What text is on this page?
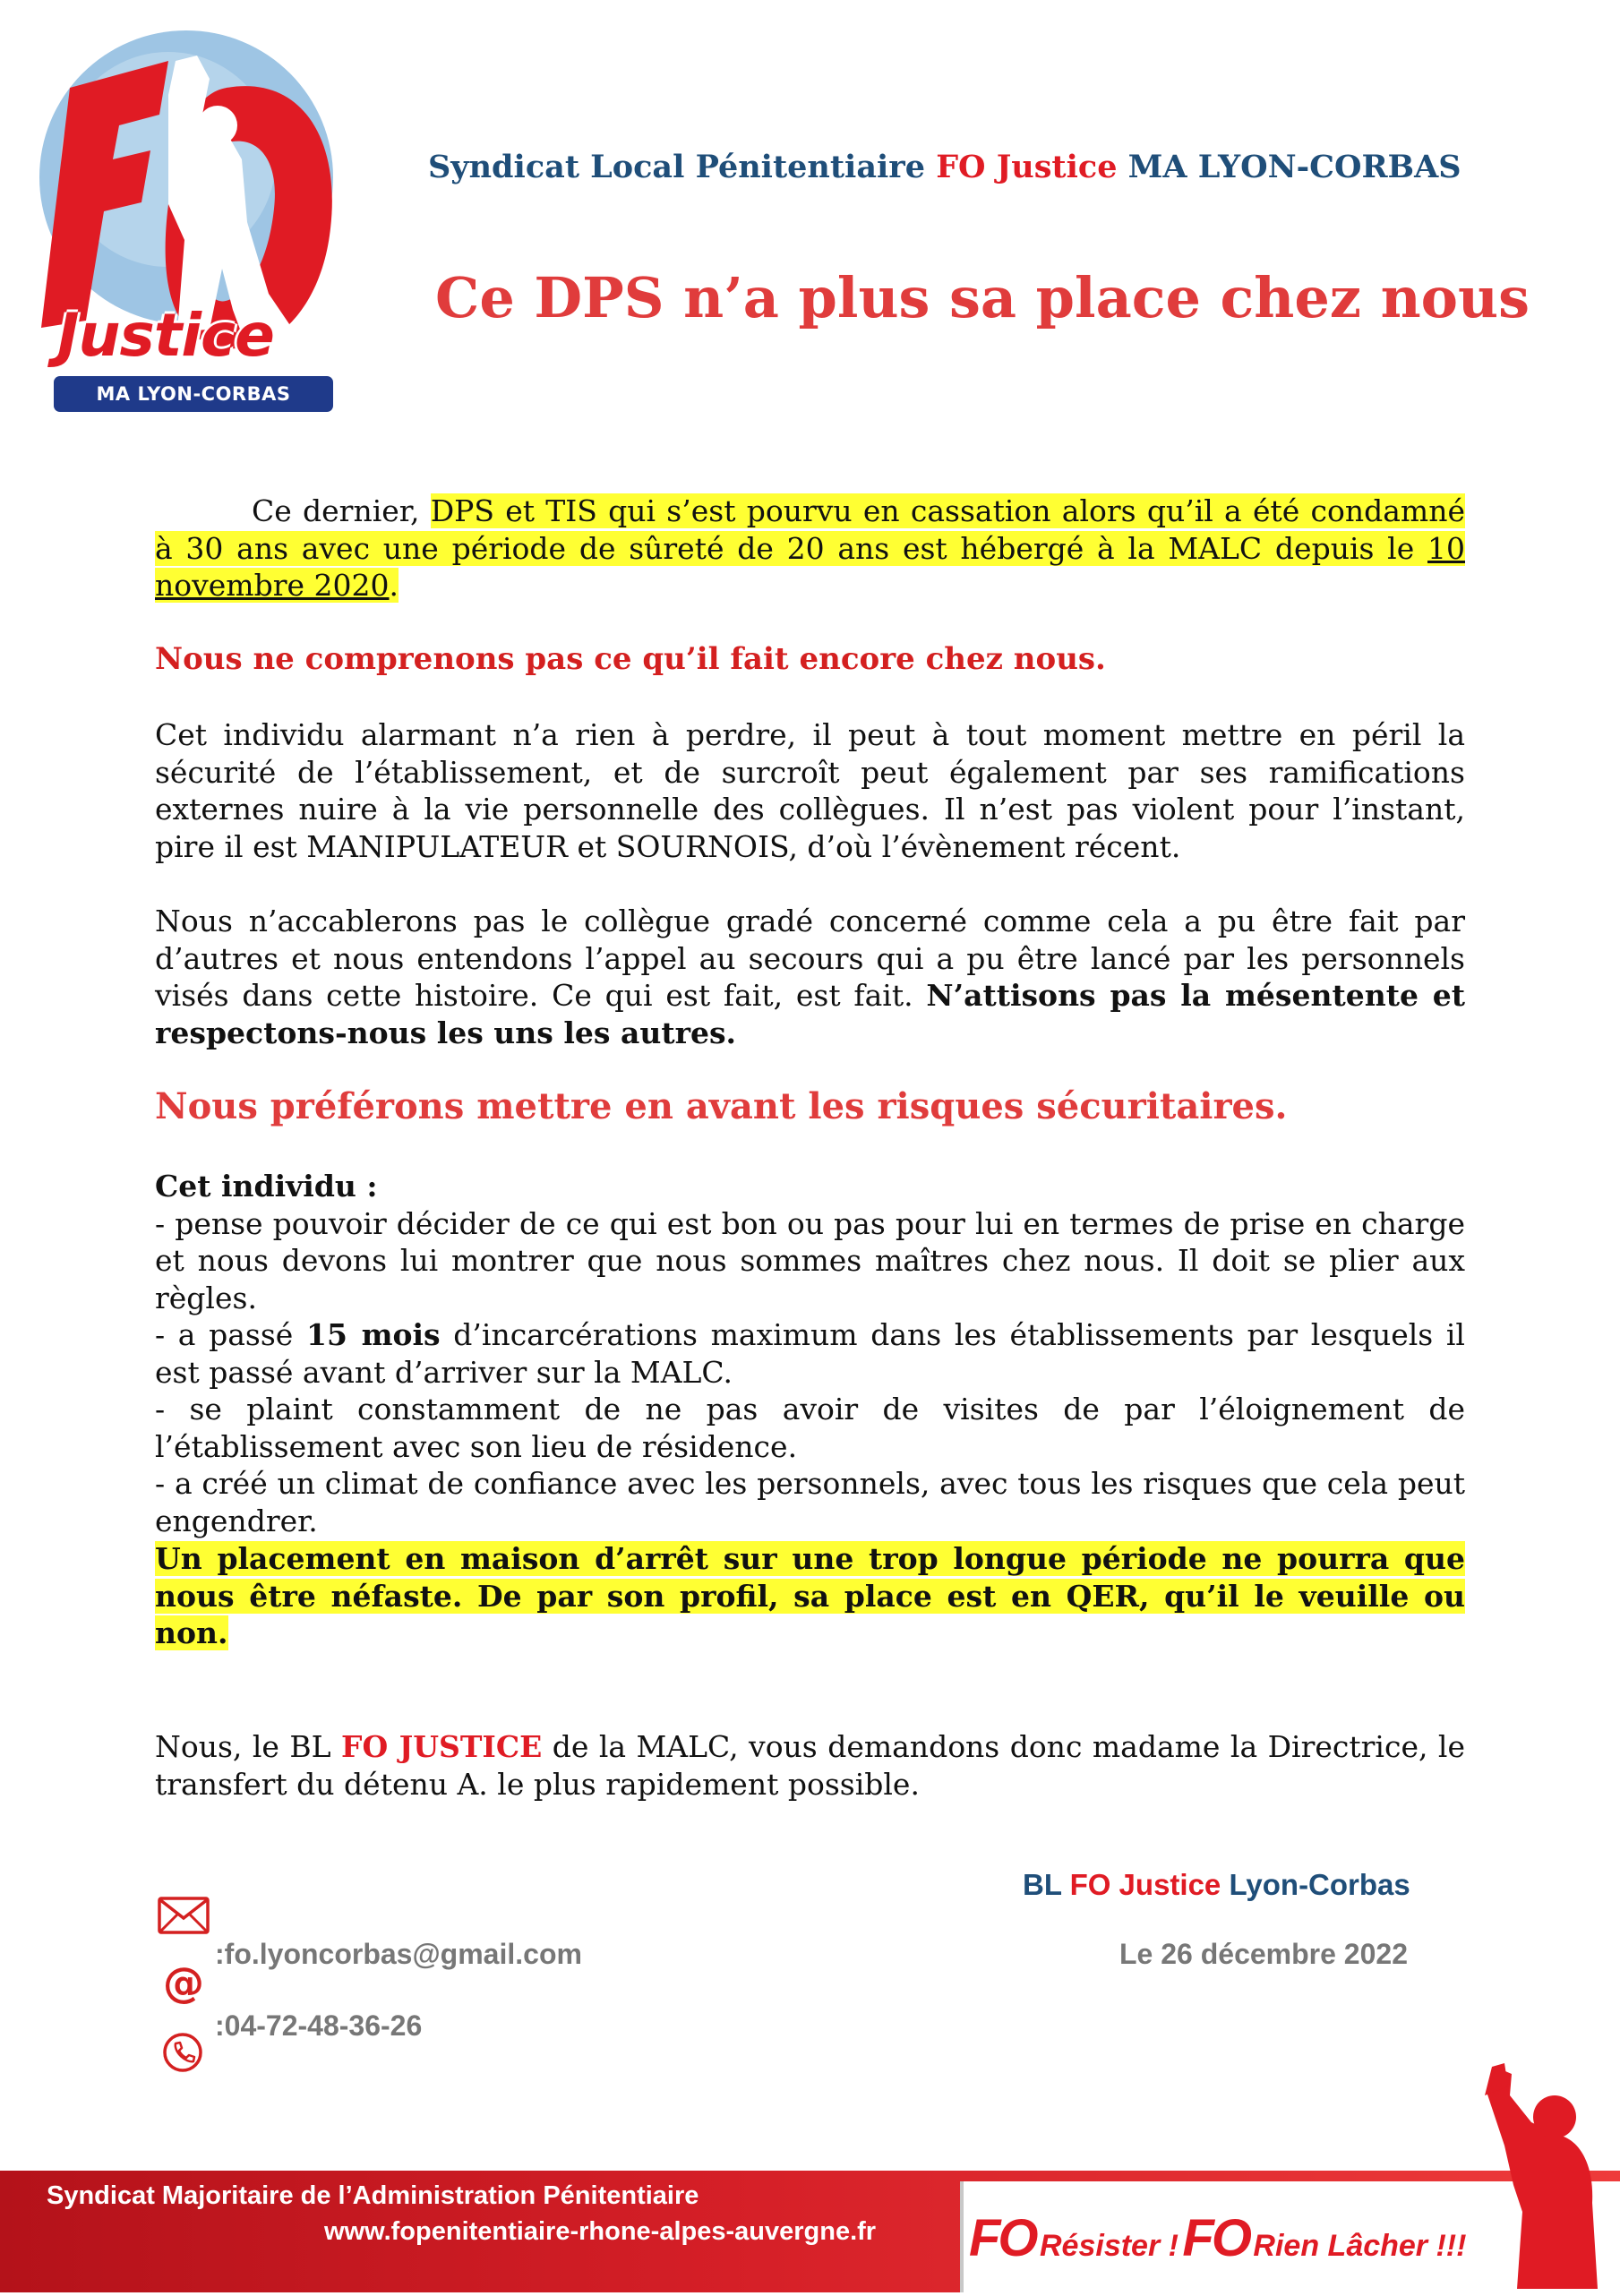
Justice
MA LYON-CORBAS
Syndicat Local Pénitentiaire FO Justice MA LYON-CORBAS
Ce DPS n’a plus sa place chez nous

Ce dernier, DPS et TIS qui s’est pourvu en cassation alors qu’il a été condamné à 30 ans avec une période de sûreté de 20 ans est hébergé à la MALC depuis le 10 novembre 2020.

Nous ne comprenons pas ce qu’il fait encore chez nous.

Cet individu alarmant n’a rien à perdre, il peut à tout moment mettre en péril la sécurité de l’établissement, et de surcroît peut également par ses ramifications externes nuire à la vie personnelle des collègues. Il n’est pas violent pour l’instant, pire il est MANIPULATEUR et SOURNOIS, d’où l’évènement récent.

Nous n’accablerons pas le collègue gradé concerné comme cela a pu être fait par d’autres et nous entendons l’appel au secours qui a pu être lancé par les personnels visés dans cette histoire. Ce qui est fait, est fait. N’attisons pas la mésentente et respectons-nous les uns les autres.

Nous préférons mettre en avant les risques sécuritaires.

Cet individu :
- pense pouvoir décider de ce qui est bon ou pas pour lui en termes de prise en charge et nous devons lui montrer que nous sommes maîtres chez nous. Il doit se plier aux règles.
- a passé 15 mois d’incarcérations maximum dans les établissements par lesquels il est passé avant d’arriver sur la MALC.
- se plaint constamment de ne pas avoir de visites de par l’éloignement de l’établissement avec son lieu de résidence.
- a créé un climat de confiance avec les personnels, avec tous les risques que cela peut engendrer.

Un placement en maison d’arrêt sur une trop longue période ne pourra que nous être néfaste. De par son profil, sa place est en QER, qu’il le veuille ou non.

Nous, le BL FO JUSTICE de la MALC, vous demandons donc madame la Directrice, le transfert du détenu A. le plus rapidement possible.

BL FO Justice Lyon-Corbas
Le 26 décembre 2022
@
:fo.lyoncorbas@gmail.com
:04-72-48-36-26
Syndicat Majoritaire de l’Administration Pénitentiaire
www.fopenitentiaire-rhone-alpes-auvergne.fr FO Résister ! FO Rien Lâcher !!!
